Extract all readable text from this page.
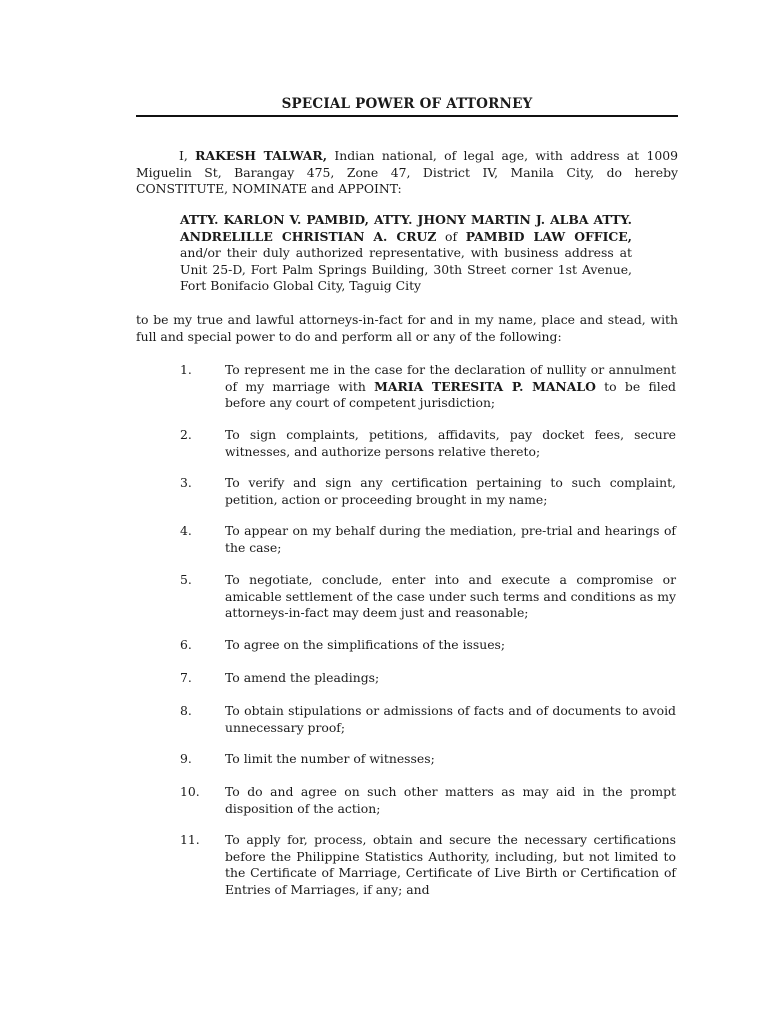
SPECIAL POWER OF ATTORNEY

I, RAKESH TALWAR, Indian national, of legal age, with address at 1009 Miguelin St, Barangay 475, Zone 47, District IV, Manila City, do hereby CONSTITUTE, NOMINATE and APPOINT:

ATTY. KARLON V. PAMBID, ATTY. JHONY MARTIN J. ALBA ATTY. ANDRELILLE CHRISTIAN A. CRUZ of PAMBID LAW OFFICE, and/or their duly authorized representative, with business address at Unit 25-D, Fort Palm Springs Building, 30th Street corner 1st Avenue, Fort Bonifacio Global City, Taguig City

to be my true and lawful attorneys-in-fact for and in my name, place and stead, with full and special power to do and perform all or any of the following:

1.	To represent me in the case for the declaration of nullity or annulment of my marriage with MARIA TERESITA P. MANALO to be filed before any court of competent jurisdiction;
2.	To sign complaints, petitions, affidavits, pay docket fees, secure witnesses, and authorize persons relative thereto;
3.	To verify and sign any certification pertaining to such complaint, petition, action or proceeding brought in my name;
4.	To appear on my behalf during the mediation, pre-trial and hearings of the case;
5.	To negotiate, conclude, enter into and execute a compromise or amicable settlement of the case under such terms and conditions as my attorneys-in-fact may deem just and reasonable;
6.	To agree on the simplifications of the issues;
7.	To amend the pleadings;
8.	To obtain stipulations or admissions of facts and of documents to avoid unnecessary proof;
9.	To limit the number of witnesses;
10.	To do and agree on such other matters as may aid in the prompt disposition of the action;
11.	To apply for, process, obtain and secure the necessary certifications before the Philippine Statistics Authority, including, but not limited to the Certificate of Marriage, Certificate of Live Birth or Certification of Entries of Marriages, if any; and
